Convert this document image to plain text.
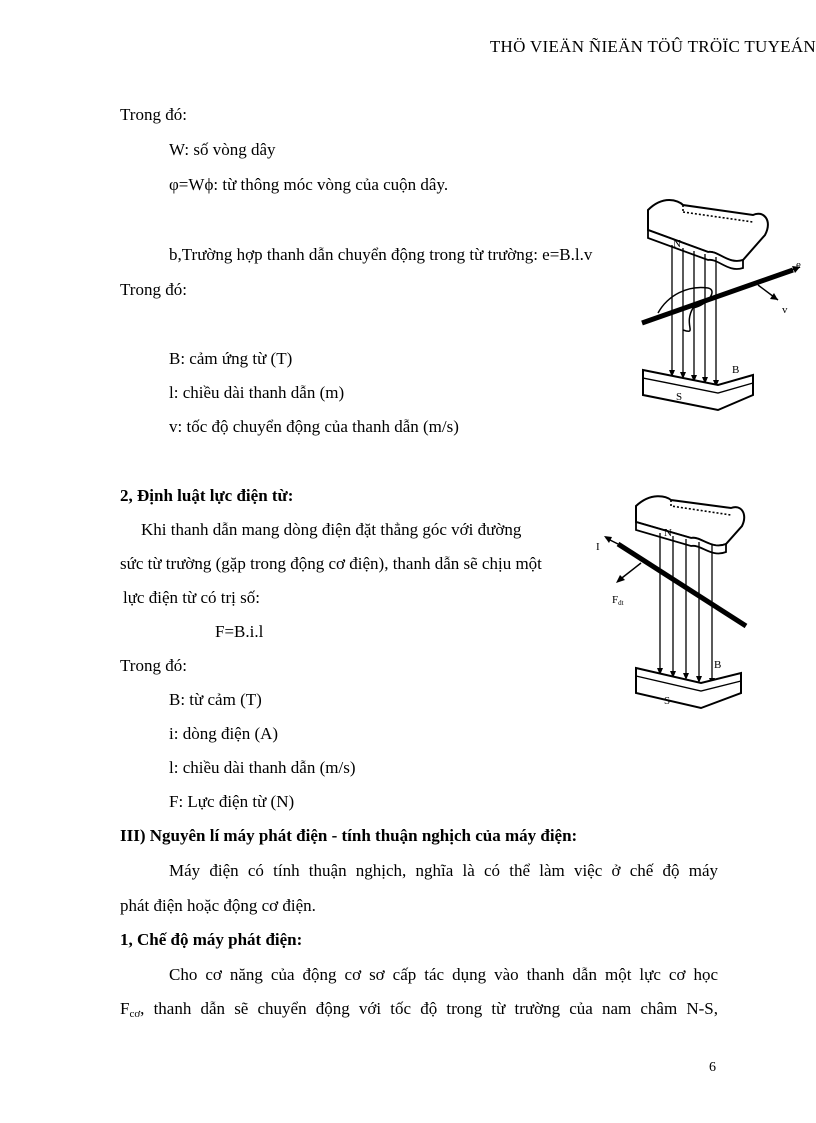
THÖ VIEÄN ÑIEÄN TÖÛ TRÖÏC TUYEÁN
Trong đó:
W: số vòng dây
φ=Wϕ: từ thông móc vòng của cuộn dây.
b,Trường hợp thanh dẫn chuyển động trong từ trường: e=B.l.v
Trong đó:
B: cảm ứng từ (T)
l: chiều dài thanh dẫn (m)
v: tốc độ chuyển động của thanh dẫn (m/s)
N
e
v
S
B
2, Định luật lực điện từ:
Khi thanh dẫn mang dòng điện đặt thẳng góc với đường
sức từ trường (gặp trong động cơ điện), thanh dẫn sẽ chịu một
lực điện từ có trị số:
F=B.i.l
Trong đó:
B: từ cảm (T)
i: dòng điện (A)
l: chiều dài thanh dẫn (m/s)
F: Lực điện từ (N)
N
I
Fdt
S
B
III) Nguyên lí máy phát điện - tính thuận nghịch của máy điện:
Máy điện có tính thuận nghịch, nghĩa là có thể làm việc ở chế độ máy
phát điện hoặc động cơ điện.
1, Chế độ máy phát điện:
Cho cơ năng của động cơ sơ cấp tác dụng vào thanh dẫn một lực cơ học
F cơ , thanh dẫn sẽ chuyển động với tốc độ trong từ trường của nam châm N-S,
6
